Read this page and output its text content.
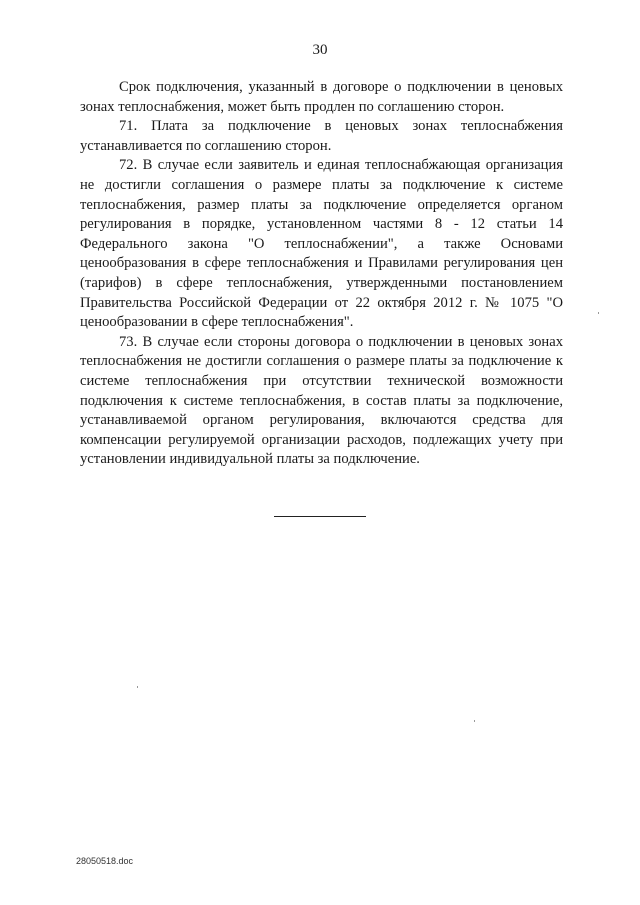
30

Срок подключения, указанный в договоре о подключении в ценовых зонах теплоснабжения, может быть продлен по соглашению сторон.

71. Плата за подключение в ценовых зонах теплоснабжения устанавливается по соглашению сторон.

72. В случае если заявитель и единая теплоснабжающая организация не достигли соглашения о размере платы за подключение к системе теплоснабжения, размер платы за подключение определяется органом регулирования в порядке, установленном частями 8 - 12 статьи 14 Федерального закона "О теплоснабжении", а также Основами ценообразования в сфере теплоснабжения и Правилами регулирования цен (тарифов) в сфере теплоснабжения, утвержденными постановлением Правительства Российской Федерации от 22 октября 2012 г. № 1075 "О ценообразовании в сфере теплоснабжения".

73. В случае если стороны договора о подключении в ценовых зонах теплоснабжения не достигли соглашения о размере платы за подключение к системе теплоснабжения при отсутствии технической возможности подключения к системе теплоснабжения, в состав платы за подключение, устанавливаемой органом регулирования, включаются средства для компенсации регулируемой организации расходов, подлежащих учету при установлении индивидуальной платы за подключение.

28050518.doc
